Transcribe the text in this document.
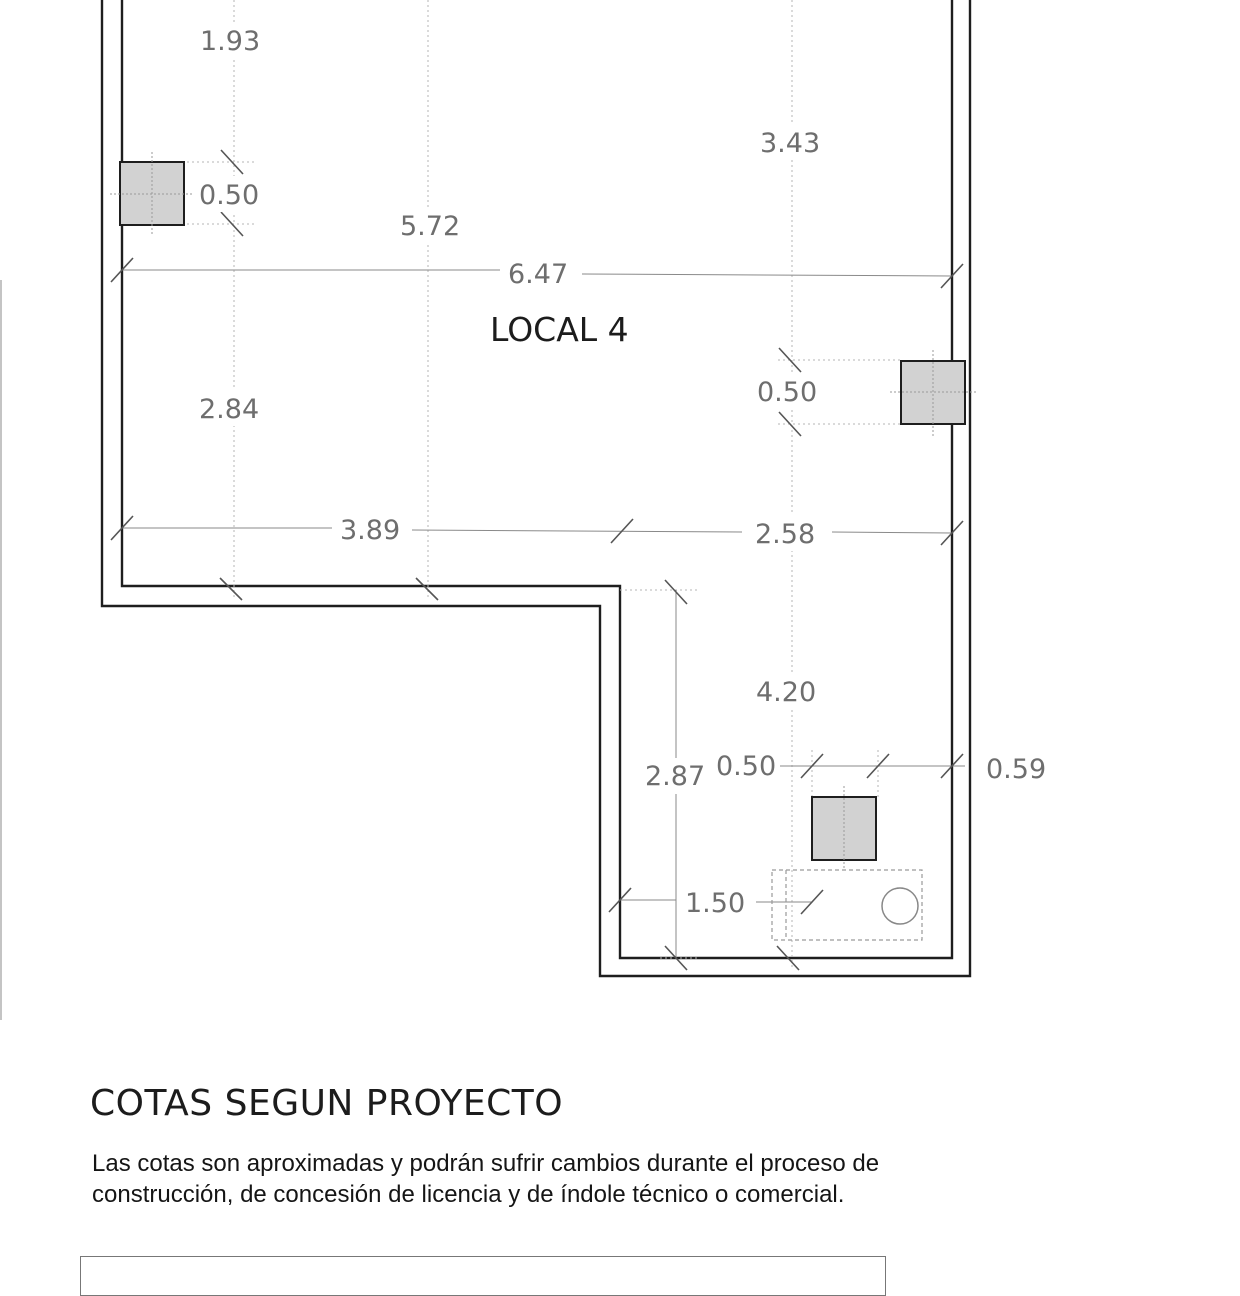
1.93
3.43
0.50
5.72
6.47
0.50
2.84
3.89	2.58
4.20
2.87 0.50	0.59
1.50
LOCAL 4
COTAS SEGUN PROYECTO

Las cotas son aproximadas y podrán sufrir cambios durante el proceso de construcción, de concesión de licencia y de índole técnico o comercial.
